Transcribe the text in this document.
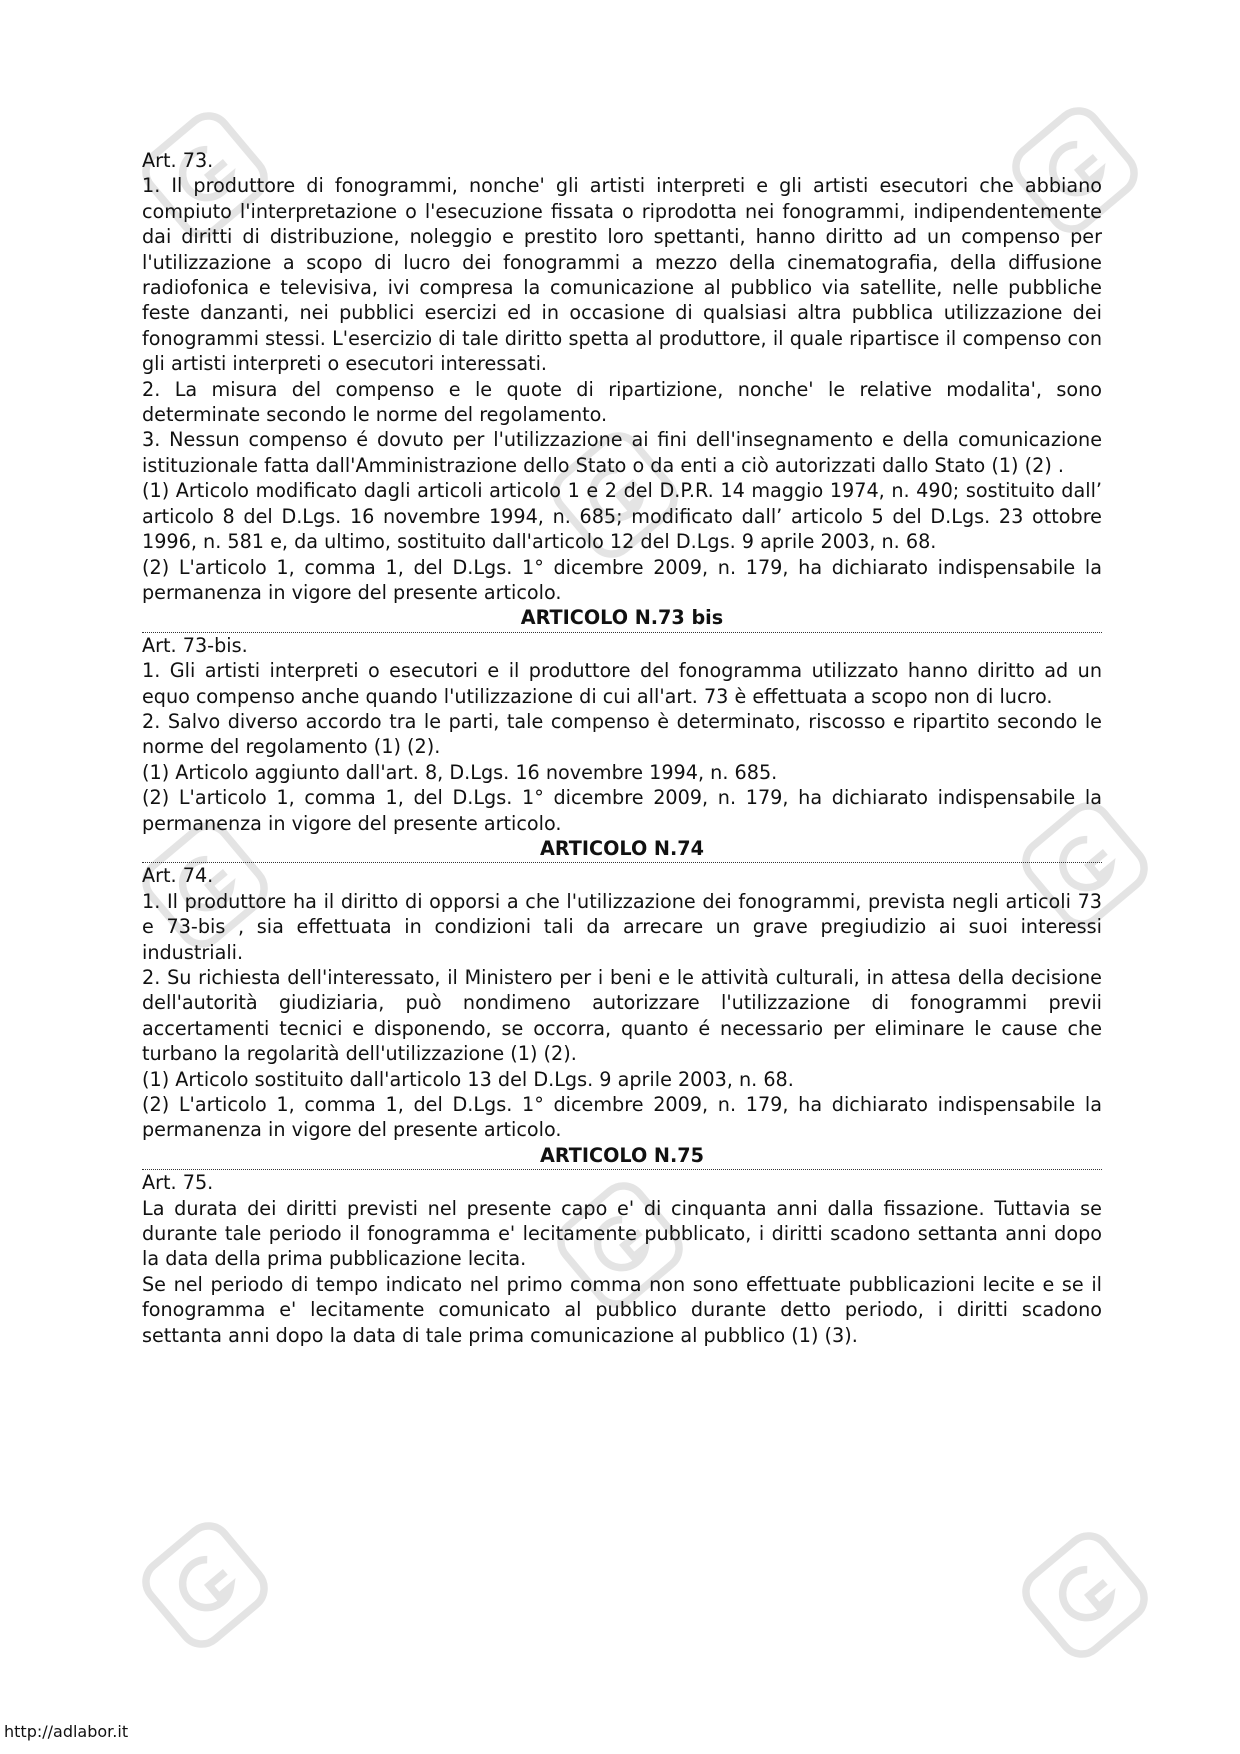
Art. 73.

1. Il produttore di fonogrammi, nonche' gli artisti interpreti e gli artisti esecutori che abbiano compiuto l'interpretazione o l'esecuzione fissata o riprodotta nei fonogrammi, indipendentemente dai diritti di distribuzione, noleggio e prestito loro spettanti, hanno diritto ad un compenso per l'utilizzazione a scopo di lucro dei fonogrammi a mezzo della cinematografia, della diffusione radiofonica e televisiva, ivi compresa la comunicazione al pubblico via satellite, nelle pubbliche feste danzanti, nei pubblici esercizi ed in occasione di qualsiasi altra pubblica utilizzazione dei fonogrammi stessi. L'esercizio di tale diritto spetta al produttore, il quale ripartisce il compenso con gli artisti interpreti o esecutori interessati.

2. La misura del compenso e le quote di ripartizione, nonche' le relative modalita', sono determinate secondo le norme del regolamento.

3. Nessun compenso é dovuto per l'utilizzazione ai fini dell'insegnamento e della comunicazione istituzionale fatta dall'Amministrazione dello Stato o da enti a ciò autorizzati dallo Stato (1) (2) .

(1) Articolo modificato dagli articoli articolo 1 e 2 del D.P.R. 14 maggio 1974, n. 490; sostituito dall’ articolo 8 del D.Lgs. 16 novembre 1994, n. 685; modificato dall’ articolo 5 del D.Lgs. 23 ottobre 1996, n. 581 e, da ultimo, sostituito dall'articolo 12 del D.Lgs. 9 aprile 2003, n. 68.

(2) L'articolo 1, comma 1, del D.Lgs. 1° dicembre 2009, n. 179, ha dichiarato indispensabile la permanenza in vigore del presente articolo.

ARTICOLO N.73 bis

Art. 73-bis.

1. Gli artisti interpreti o esecutori e il produttore del fonogramma utilizzato hanno diritto ad un equo compenso anche quando l'utilizzazione di cui all'art. 73 è effettuata a scopo non di lucro.

2. Salvo diverso accordo tra le parti, tale compenso è determinato, riscosso e ripartito secondo le norme del regolamento (1) (2).

(1) Articolo aggiunto dall'art. 8, D.Lgs. 16 novembre 1994, n. 685.

(2) L'articolo 1, comma 1, del D.Lgs. 1° dicembre 2009, n. 179, ha dichiarato indispensabile la permanenza in vigore del presente articolo.

ARTICOLO N.74

Art. 74.

1. Il produttore ha il diritto di opporsi a che l'utilizzazione dei fonogrammi, prevista negli articoli 73 e 73-bis , sia effettuata in condizioni tali da arrecare un grave pregiudizio ai suoi interessi industriali.

2. Su richiesta dell'interessato, il Ministero per i beni e le attività culturali, in attesa della decisione dell'autorità giudiziaria, può nondimeno autorizzare l'utilizzazione di fonogrammi previi accertamenti tecnici e disponendo, se occorra, quanto é necessario per eliminare le cause che turbano la regolarità dell'utilizzazione (1) (2).

(1) Articolo sostituito dall'articolo 13 del D.Lgs. 9 aprile 2003, n. 68.

(2) L'articolo 1, comma 1, del D.Lgs. 1° dicembre 2009, n. 179, ha dichiarato indispensabile la permanenza in vigore del presente articolo.

ARTICOLO N.75

Art. 75.

La durata dei diritti previsti nel presente capo e' di cinquanta anni dalla fissazione. Tuttavia se durante tale periodo il fonogramma e' lecitamente pubblicato, i diritti scadono settanta anni dopo la data della prima pubblicazione lecita.

Se nel periodo di tempo indicato nel primo comma non sono effettuate pubblicazioni lecite e se il fonogramma e' lecitamente comunicato al pubblico durante detto periodo, i diritti scadono settanta anni dopo la data di tale prima comunicazione al pubblico (1) (3).

http://adlabor.it
